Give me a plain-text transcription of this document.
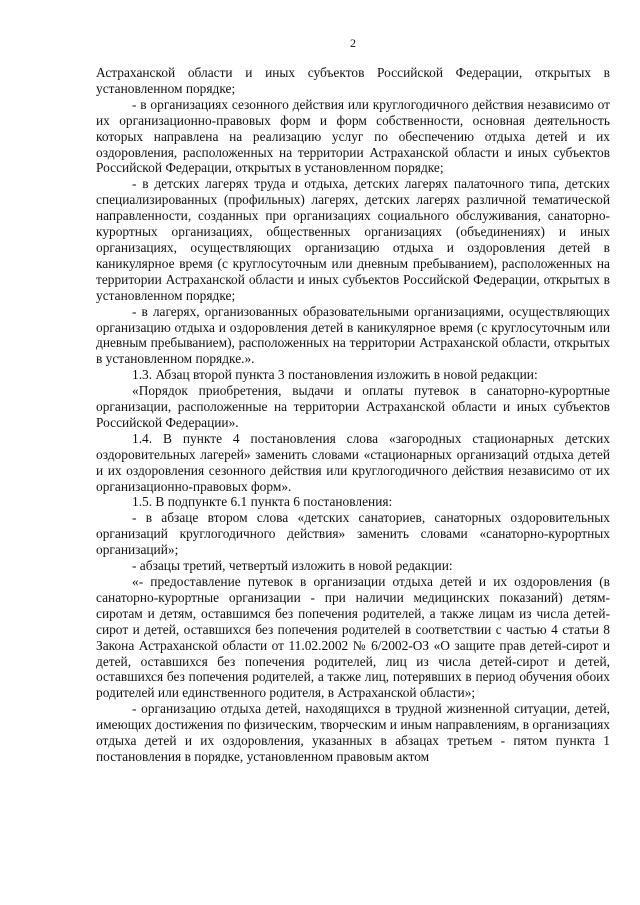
2

Астраханской области и иных субъектов Российской Федерации, открытых в установленном порядке;

- в организациях сезонного действия или круглогодичного действия независимо от их организационно-правовых форм и форм собственности, основная деятельность которых направлена на реализацию услуг по обеспечению отдыха детей и их оздоровления, расположенных на территории Астраханской области и иных субъектов Российской Федерации, открытых в установленном порядке;

- в детских лагерях труда и отдыха, детских лагерях палаточного типа, детских специализированных (профильных) лагерях, детских лагерях различной тематической направленности, созданных при организациях социального обслуживания, санаторно-курортных организациях, общественных организациях (объединениях) и иных организациях, осуществляющих организацию отдыха и оздоровления детей в каникулярное время (с круглосуточным или дневным пребыванием), расположенных на территории Астраханской области и иных субъектов Российской Федерации, открытых в установленном порядке;

- в лагерях, организованных образовательными организациями, осуществляющих организацию отдыха и оздоровления детей в каникулярное время (с круглосуточным или дневным пребыванием), расположенных на территории Астраханской области, открытых в установленном порядке.».

1.3. Абзац второй пункта 3 постановления изложить в новой редакции:

«Порядок приобретения, выдачи и оплаты путевок в санаторно-курортные организации, расположенные на территории Астраханской области и иных субъектов Российской Федерации».

1.4. В пункте 4 постановления слова «загородных стационарных детских оздоровительных лагерей» заменить словами «стационарных организаций отдыха детей и их оздоровления сезонного действия или круглогодичного действия независимо от их организационно-правовых форм».

1.5. В подпункте 6.1 пункта 6 постановления:

- в абзаце втором слова «детских санаториев, санаторных оздоровительных организаций круглогодичного действия» заменить словами «санаторно-курортных организаций»;

- абзацы третий, четвертый изложить в новой редакции:

«- предоставление путевок в организации отдыха детей и их оздоровления (в санаторно-курортные организации - при наличии медицинских показаний) детям-сиротам и детям, оставшимся без попечения родителей, а также лицам из числа детей-сирот и детей, оставшихся без попечения родителей в соответствии с частью 4 статьи 8 Закона Астраханской области от 11.02.2002 № 6/2002-ОЗ «О защите прав детей-сирот и детей, оставшихся без попечения родителей, лиц из числа детей-сирот и детей, оставшихся без попечения родителей, а также лиц, потерявших в период обучения обоих родителей или единственного родителя, в Астраханской области»;

- организацию отдыха детей, находящихся в трудной жизненной ситуации, детей, имеющих достижения по физическим, творческим и иным направлениям, в организациях отдыха детей и их оздоровления, указанных в абзацах третьем - пятом пункта 1 постановления в порядке, установленном правовым актом
